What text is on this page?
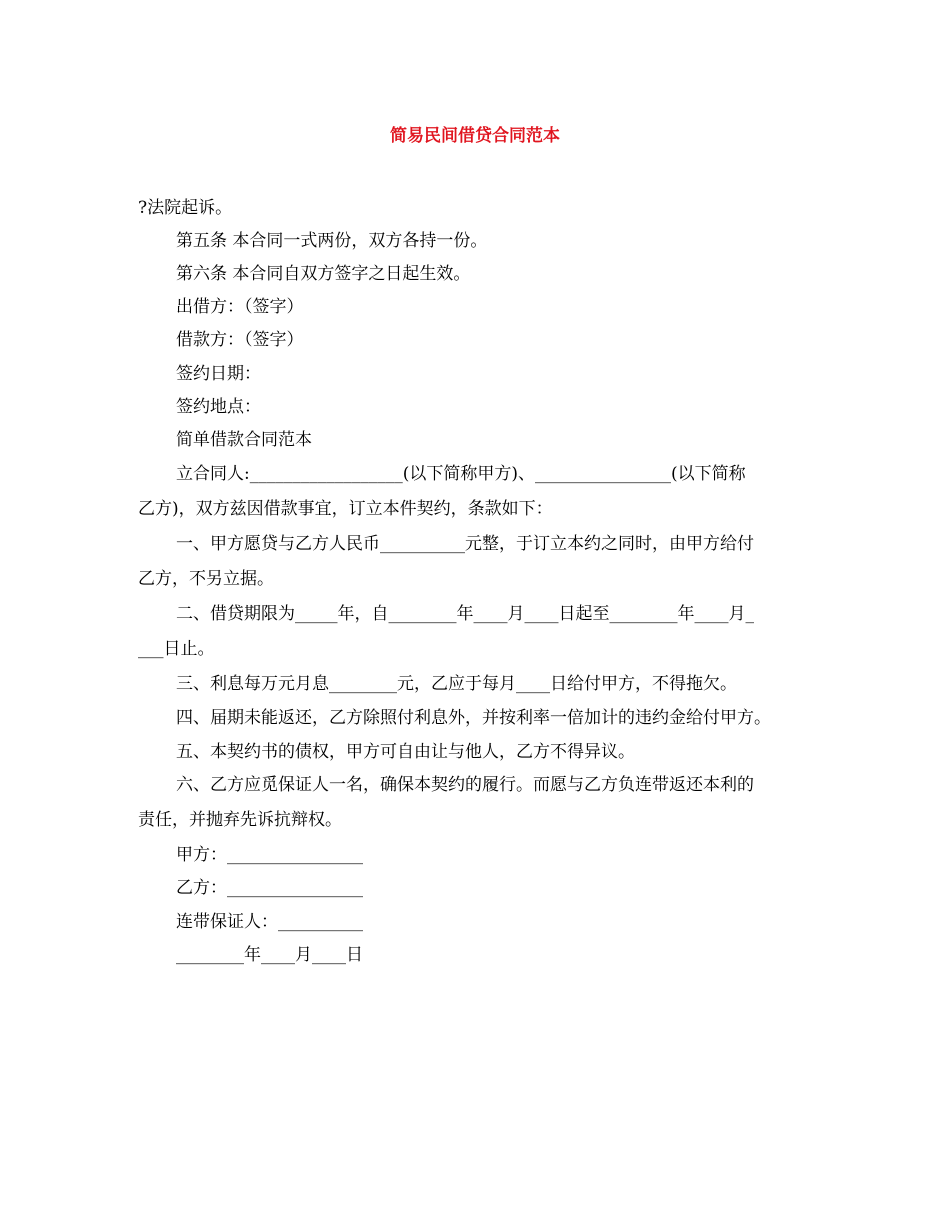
简易民间借贷合同范本
?法院起诉。
第五条 本合同一式两份，双方各持一份。
第六条 本合同自双方签字之日起生效。
出借方：（签字）
借款方：（签字）
签约日期：
签约地点：
简单借款合同范本
立合同人:__________________(以下简称甲方)、________________(以下简称
乙方)，双方兹因借款事宜，订立本件契约，条款如下：
一、甲方愿贷与乙方人民币__________元整，于订立本约之同时，由甲方给付
乙方，不另立据。
二、借贷期限为_____年，自________年____月____日起至________年____月_
___日止。
三、利息每万元月息________元，乙应于每月____日给付甲方，不得拖欠。
四、届期未能返还，乙方除照付利息外，并按利率一倍加计的违约金给付甲方。
五、本契约书的债权，甲方可自由让与他人，乙方不得异议。
六、乙方应觅保证人一名，确保本契约的履行。而愿与乙方负连带返还本利的
责任，并抛弃先诉抗辩权。
甲方：________________
乙方：________________
连带保证人：__________
________年____月____日
